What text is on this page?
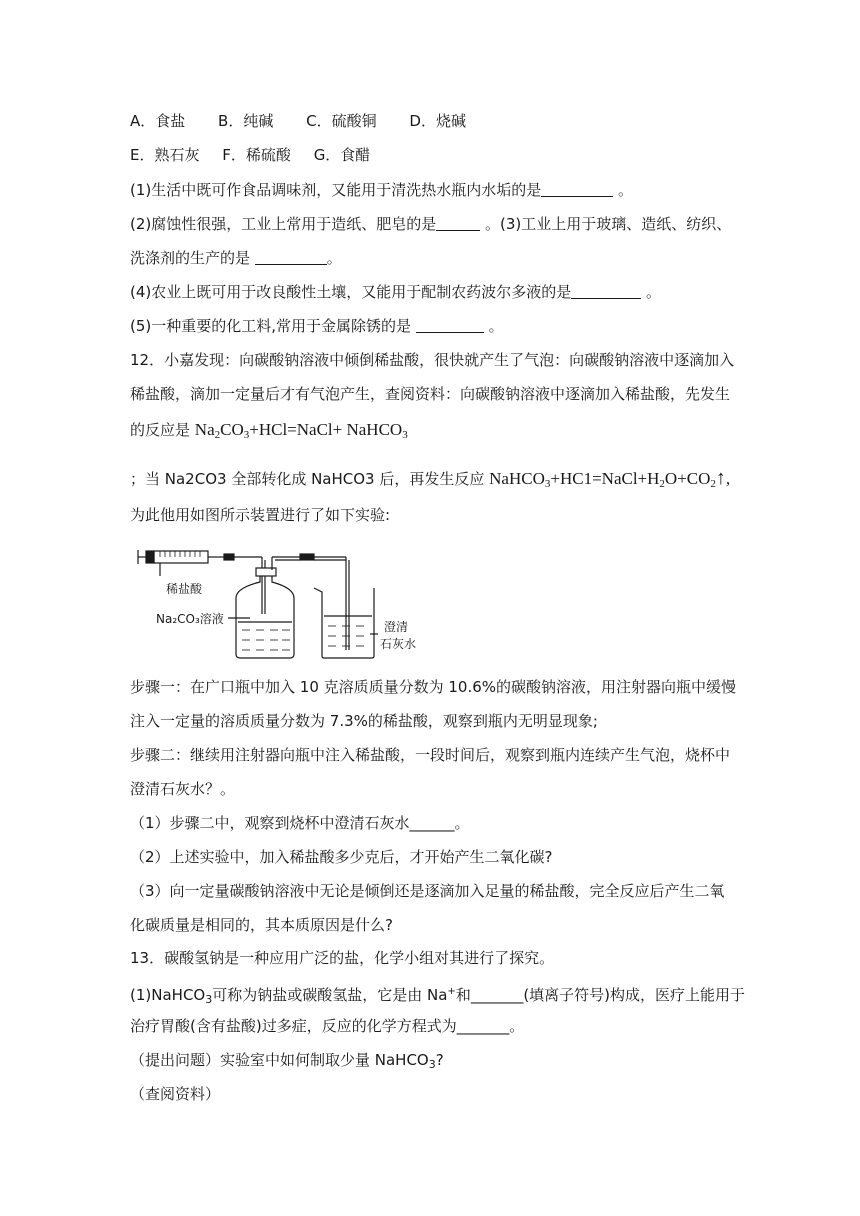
A．食盐 B．纯碱 C．硫酸铜 D．烧碱
E．熟石灰 F．稀硫酸 G．食醋
(1)生活中既可作食品调味剂，又能用于清洗热水瓶内水垢的是	。
(2)腐蚀性很强，工业上常用于造纸、肥皂的是	。(3)工业上用于玻璃、造纸、纺织、
洗涤剂的生产的是	。
(4)农业上既可用于改良酸性土壤，又能用于配制农药波尔多液的是	。
(5)一种重要的化工料,常用于金属除锈的是	。
12．小嘉发现：向碳酸钠溶液中倾倒稀盐酸，很快就产生了气泡：向碳酸钠溶液中逐滴加入
稀盐酸，滴加一定量后才有气泡产生，查阅资料：向碳酸钠溶液中逐滴加入稀盐酸，先发生
的反应是 $Na_2CO_3+HCl=NaCl+$ NaHCO$_3$
；当 Na2CO3 全部转化成 NaHCO3 后，再发生反应 $NaHCO_3+HC1=NaCl+H_2O+CO_2↑$,
为此他用如图所示装置进行了如下实验:
稀盐酸
Na₂CO₃溶液
澄清
石灰水
步骤一：在广口瓶中加入 10 克溶质质量分数为 10.6%的碳酸钠溶液，用注射器向瓶中缓慢
注入一定量的溶质质量分数为 7.3%的稀盐酸，观察到瓶内无明显现象;
步骤二：继续用注射器向瓶中注入稀盐酸，一段时间后，观察到瓶内连续产生气泡，烧杯中
澄清石灰水？。
（1）步骤二中，观察到烧杯中澄清石灰水______。
（2）上述实验中，加入稀盐酸多少克后，才开始产生二氧化碳?
（3）向一定量碳酸钠溶液中无论是倾倒还是逐滴加入足量的稀盐酸，完全反应后产生二氧
化碳质量是相同的，其本质原因是什么?
13．碳酸氢钠是一种应用广泛的盐，化学小组对其进行了探究。
(1)NaHCO$_3$可称为钠盐或碳酸氢盐，它是由 Na+和_______(填离子符号)构成，医疗上能用于
治疗胃酸(含有盐酸)过多症，反应的化学方程式为_______。
（提出问题）实验室中如何制取少量 NaHCO$_3$?
（查阅资料）
